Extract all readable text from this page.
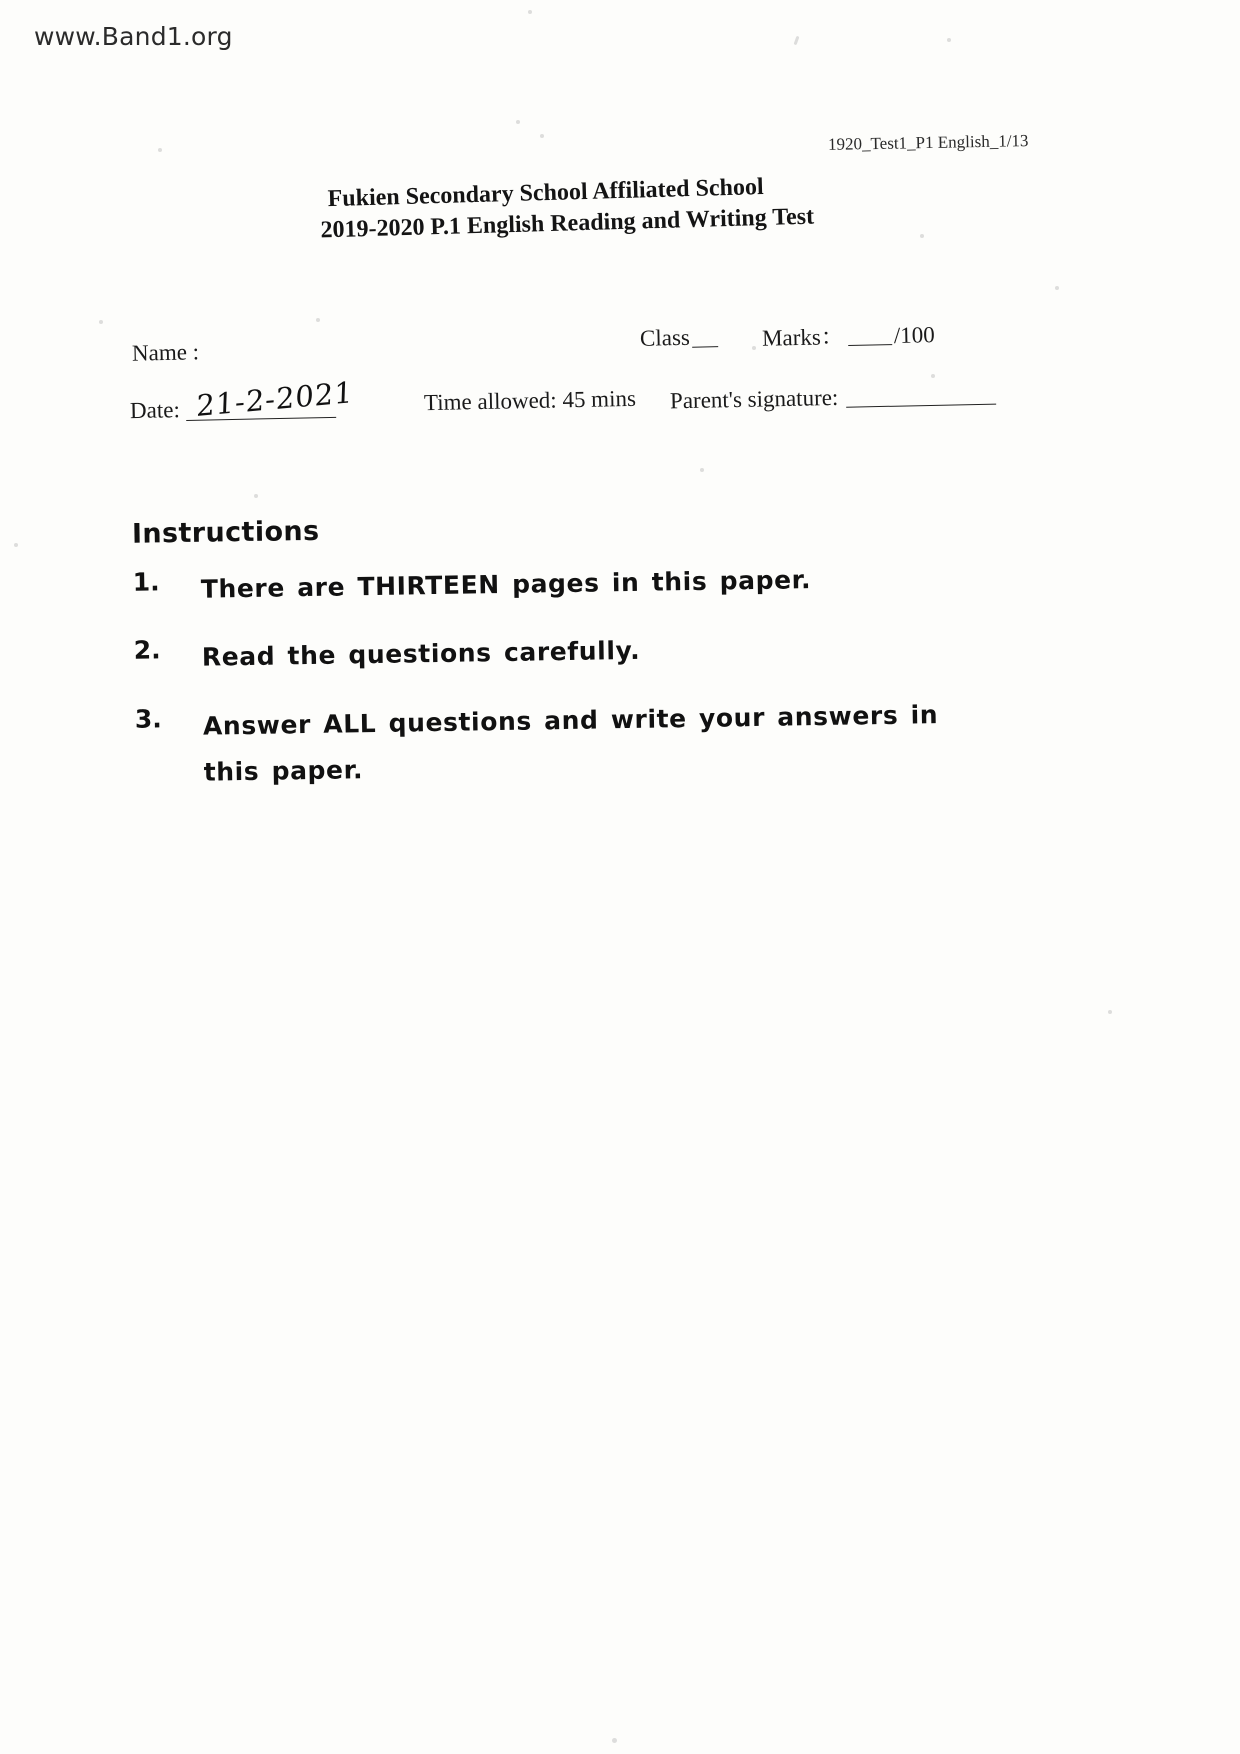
www.Band1.org
1920_Test1_P1 English_1/13
Fukien Secondary School Affiliated School
2019-2020 P.1 English Reading and Writing Test
Name :
Class	Marks： /100
Date: 21-2-2021	Time allowed: 45 mins Parent's signature:
Instructions
1.	There are THIRTEEN pages in this paper.
2.	Read the questions carefully.
3.	Answer ALL questions and write your answers in this paper.
